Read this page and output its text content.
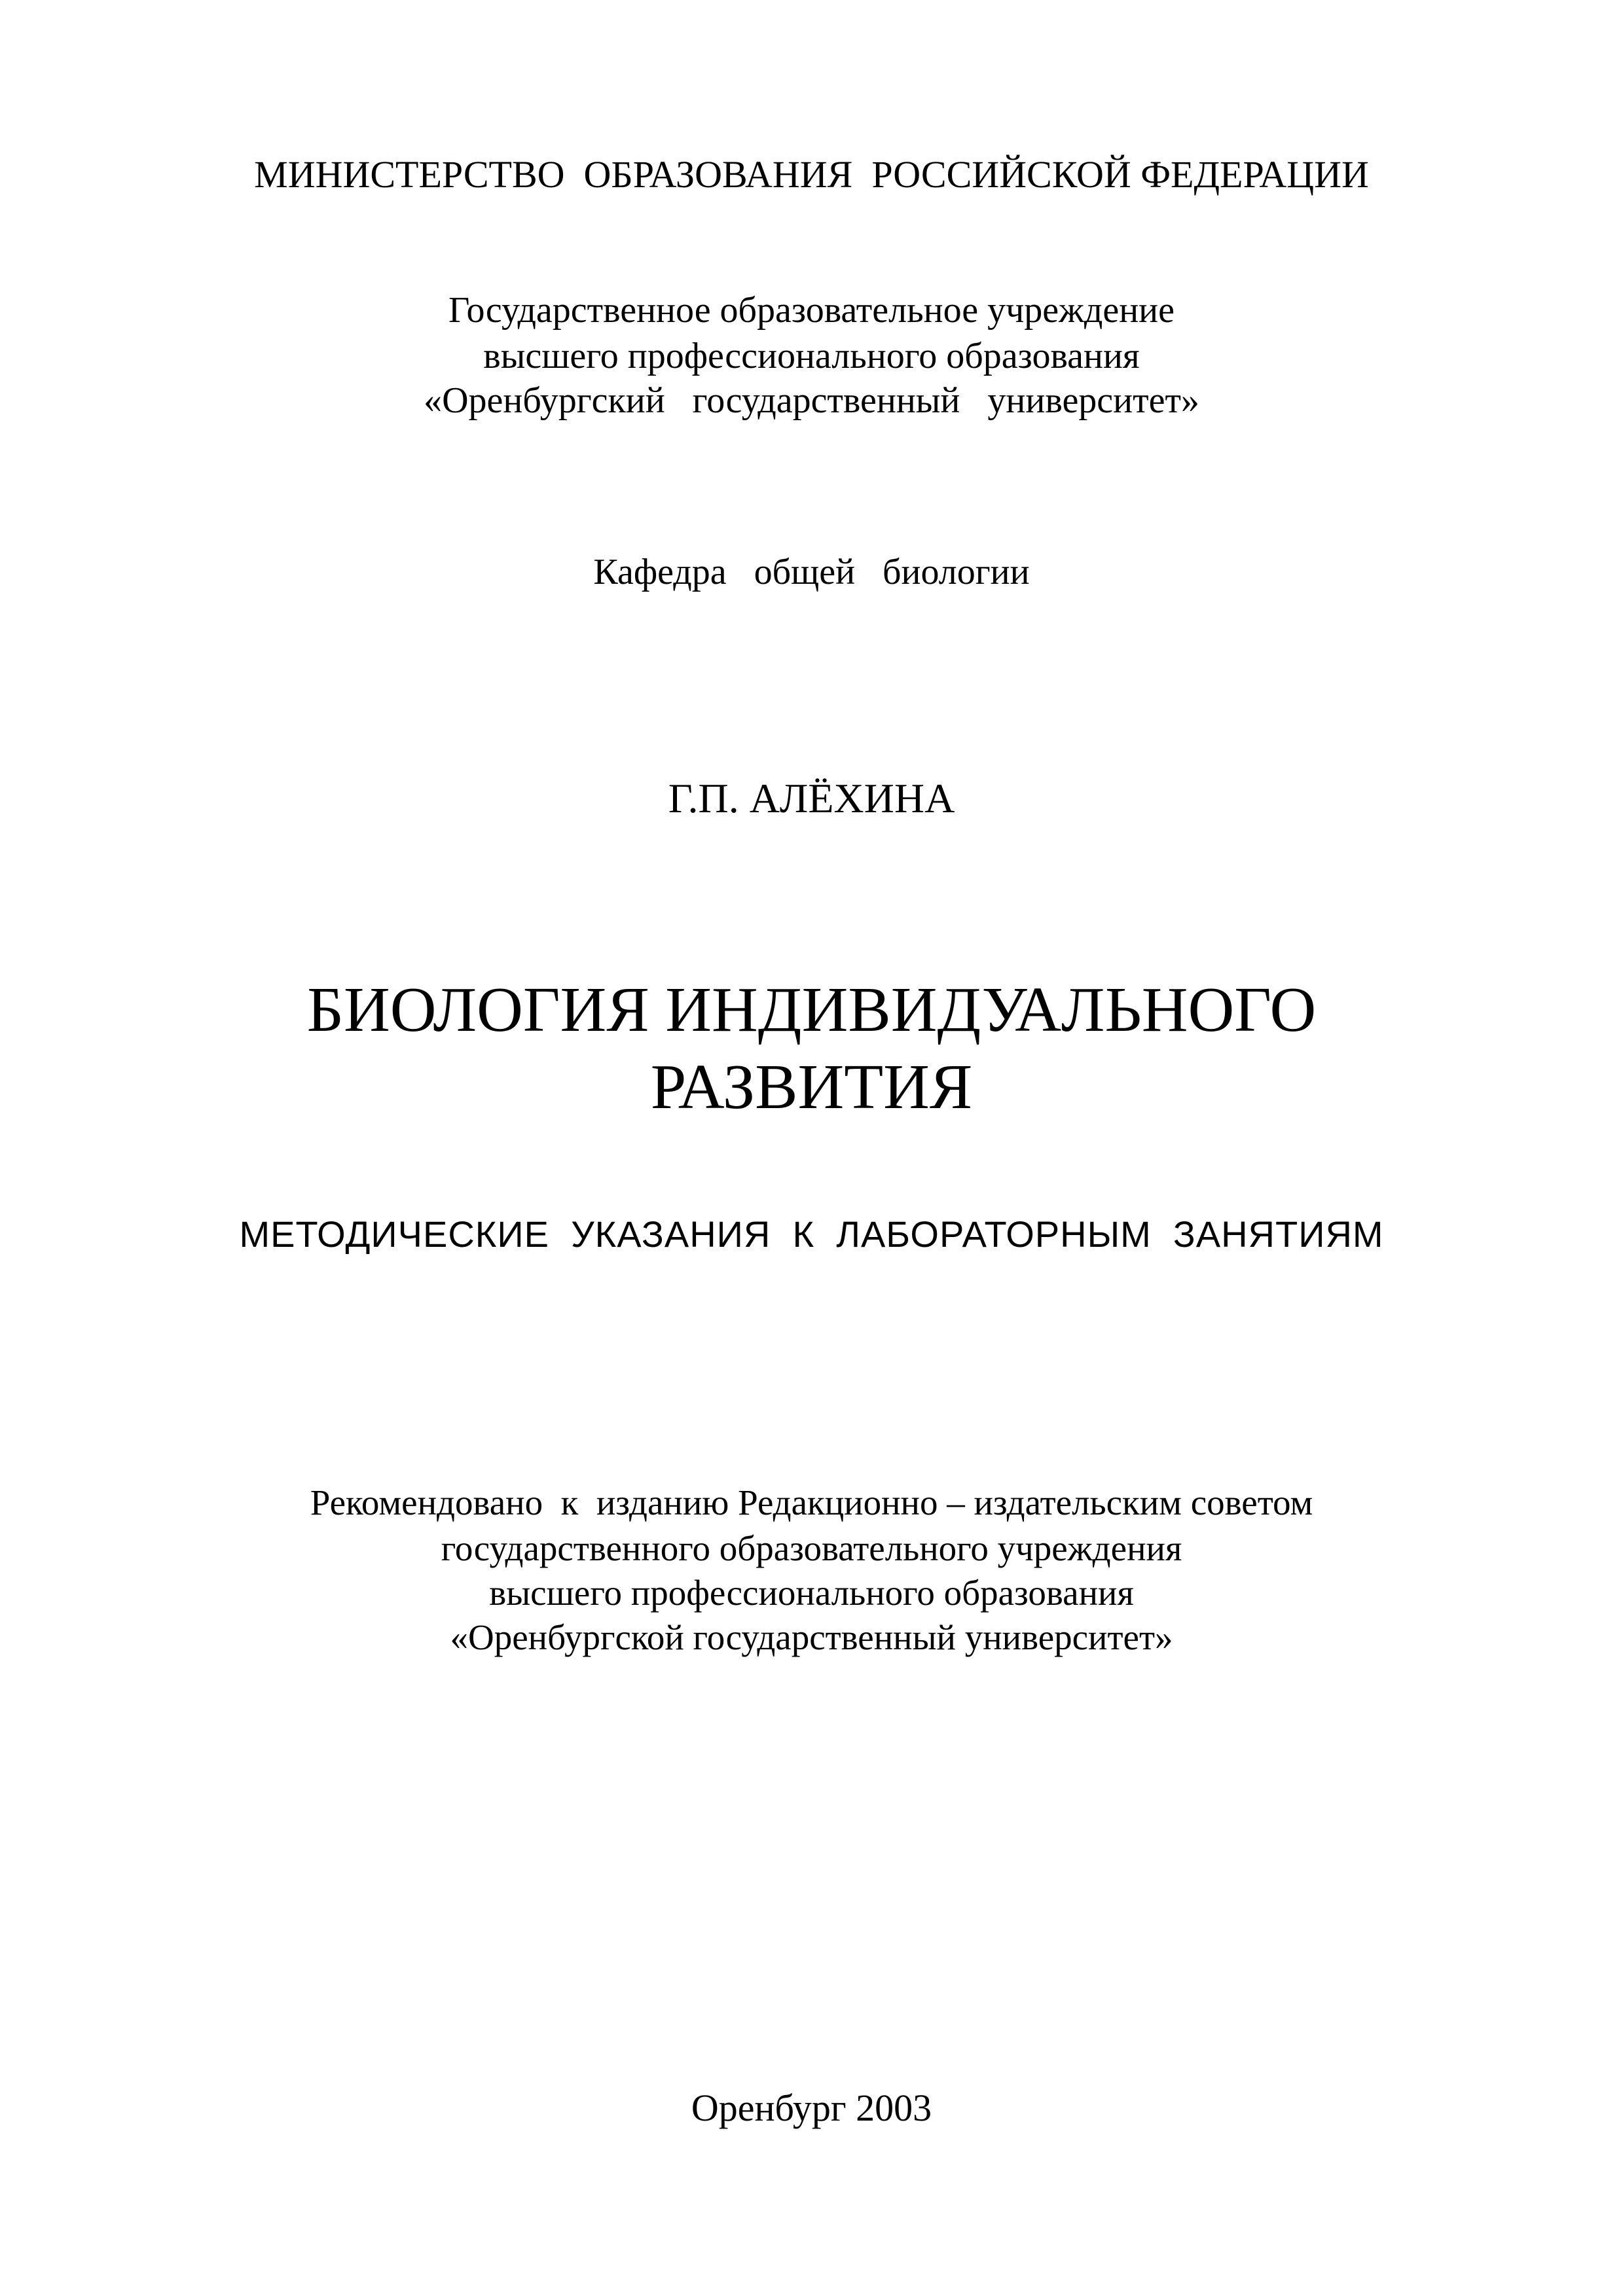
МИНИСТЕРСТВО  ОБРАЗОВАНИЯ  РОССИЙСКОЙ ФЕДЕРАЦИИ
Государственное образовательное учреждение
высшего профессионального образования
«Оренбургский   государственный   университет»
Кафедра   общей   биологии
Г.П. АЛЁХИНА
БИОЛОГИЯ ИНДИВИДУАЛЬНОГО
РАЗВИТИЯ
МЕТОДИЧЕСКИЕ  УКАЗАНИЯ  К  ЛАБОРАТОРНЫМ  ЗАНЯТИЯМ
Рекомендовано  к  изданию Редакционно – издательским советом
государственного образовательного учреждения
высшего профессионального образования
«Оренбургской государственный университет»
Оренбург 2003
